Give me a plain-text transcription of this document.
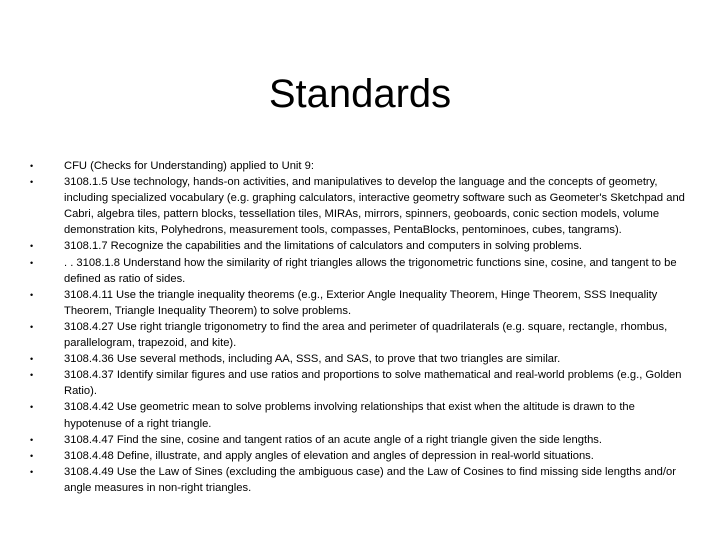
Standards
•	CFU (Checks for Understanding) applied to Unit 9:
•	3108.1.5 Use technology, hands-on activities, and manipulatives to develop the language and the concepts of geometry, including specialized vocabulary (e.g. graphing calculators, interactive geometry software such as Geometer's Sketchpad and Cabri, algebra tiles, pattern blocks, tessellation tiles, MIRAs, mirrors, spinners, geoboards, conic section models, volume demonstration kits, Polyhedrons, measurement tools, compasses, PentaBlocks, pentominoes, cubes, tangrams).
•	3108.1.7 Recognize the capabilities and the limitations of calculators and computers in solving problems.
•	. . 3108.1.8 Understand how the similarity of right triangles allows the trigonometric functions sine, cosine, and tangent to be defined as ratio of sides.
•	3108.4.11 Use the triangle inequality theorems (e.g., Exterior Angle Inequality Theorem, Hinge Theorem, SSS Inequality Theorem, Triangle Inequality Theorem) to solve problems.
•	3108.4.27 Use right triangle trigonometry to find the area and perimeter of quadrilaterals (e.g. square, rectangle, rhombus, parallelogram, trapezoid, and kite).
•	3108.4.36 Use several methods, including AA, SSS, and SAS, to prove that two triangles are similar.
•	3108.4.37 Identify similar figures and use ratios and proportions to solve mathematical and real-world problems (e.g., Golden Ratio).
•	3108.4.42 Use geometric mean to solve problems involving relationships that exist when the altitude is drawn to the hypotenuse of a right triangle.
•	3108.4.47 Find the sine, cosine and tangent ratios of an acute angle of a right triangle given the side lengths.
•	3108.4.48 Define, illustrate, and apply angles of elevation and angles of depression in real-world situations.
•	3108.4.49 Use the Law of Sines (excluding the ambiguous case) and the Law of Cosines to find missing side lengths and/or angle measures in non-right triangles.
